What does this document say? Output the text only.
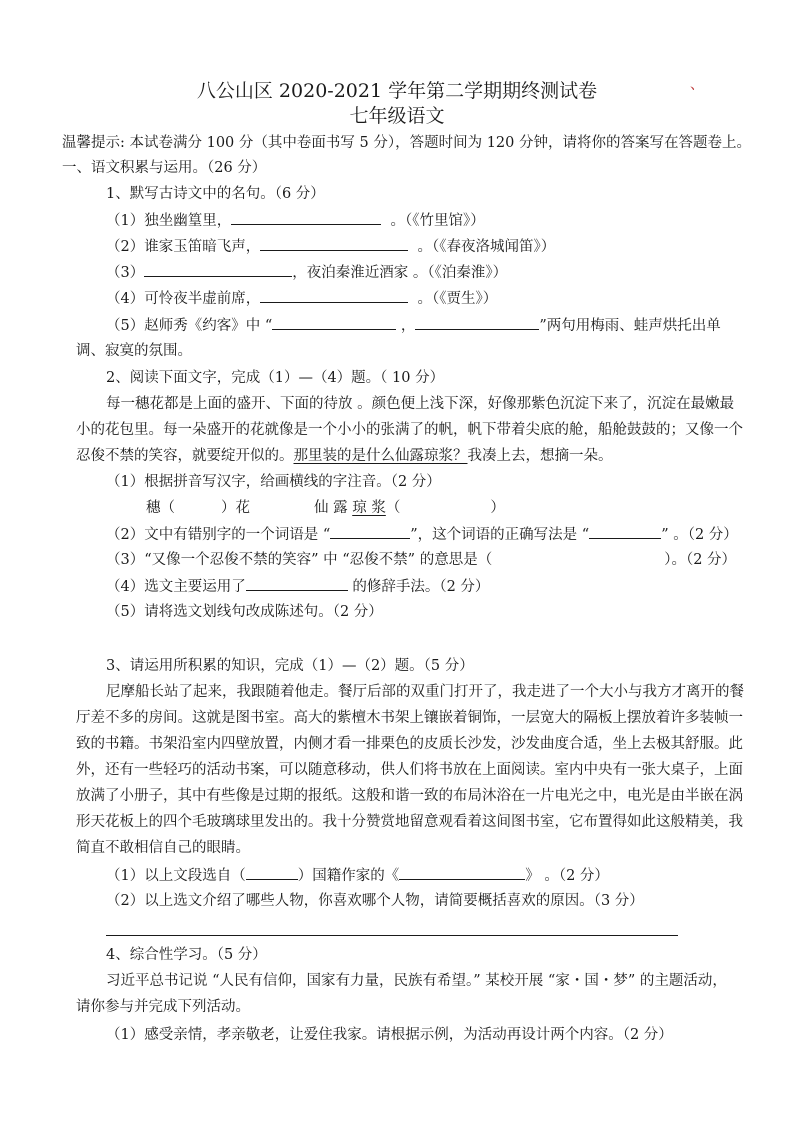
八公山区 2020-2021 学年第二学期期终测试卷	、
七年级语文
温馨提示: 本试卷满分 100 分（其中卷面书写 5 分），答题时间为 120 分钟，请将你的答案写在答题卷上。
一、语文积累与运用。（26 分）
1、默写古诗文中的名句。（6 分）
（1）独坐幽篁里，	。（《竹里馆》）
（2）谁家玉笛暗飞声，	。（《春夜洛城闻笛》）
（3）	，夜泊秦淮近酒家 。（《泊秦淮》）
（4）可怜夜半虚前席，	。（《贾生》）
（5）赵师秀《约客》中 “	，	”两句用梅雨、蛙声烘托出单
调、寂寞的氛围。
2、阅读下面文字，完成（1）—（4）题。（ 10 分）
每一穗花都是上面的盛开、下面的待放 。颜色便上浅下深，好像那紫色沉淀下来了，沉淀在最嫩最
小的花包里。每一朵盛开的花就像是一个小小的张满了的帆，帆下带着尖底的舱，船舱鼓鼓的；又像一个
忍俊不禁的笑容，就要绽开似的。那里装的是什么仙露琼浆？我凑上去，想摘一朵。
（1）根据拼音写汉字，给画横线的字注音。（2 分）
穗（	）花	仙 露 琼 浆（	）
（2）文中有错别字的一个词语是 “	”，这个词语的正确写法是 “	” 。（2 分）
（3）“又像一个忍俊不禁的笑容” 中 “忍俊不禁” 的意思是（	）。（2 分）
（4）选文主要运用了	的修辞手法。（2 分）
（5）请将选文划线句改成陈述句。（2 分）
3、请运用所积累的知识，完成（1）—（2）题。（5 分）
尼摩船长站了起来，我跟随着他走。餐厅后部的双重门打开了，我走进了一个大小与我方才离开的餐
厅差不多的房间。这就是图书室。高大的紫檀木书架上镶嵌着铜饰，一层宽大的隔板上摆放着许多装帧一
致的书籍。书架沿室内四壁放置，内侧才看一排栗色的皮质长沙发，沙发曲度合适，坐上去极其舒服。此
外，还有一些轻巧的活动书案，可以随意移动，供人们将书放在上面阅读。室内中央有一张大桌子，上面
放满了小册子，其中有些像是过期的报纸。这般和谐一致的布局沐浴在一片电光之中，电光是由半嵌在涡
形天花板上的四个毛玻璃球里发出的。我十分赞赏地留意观看着这间图书室，它布置得如此这般精美，我
简直不敢相信自己的眼睛。
（1）以上文段选自（	）国籍作家的《	》 。（2 分）
（2）以上选文介绍了哪些人物，你喜欢哪个人物，请简要概括喜欢的原因。（3 分）
4、综合性学习。（5 分）
习近平总书记说 “人民有信仰，国家有力量，民族有希望。” 某校开展 “家・国・梦” 的主题活动，
请你参与并完成下列活动。
（1）感受亲情，孝亲敬老，让爱住我家。请根据示例，为活动再设计两个内容。（2 分）
